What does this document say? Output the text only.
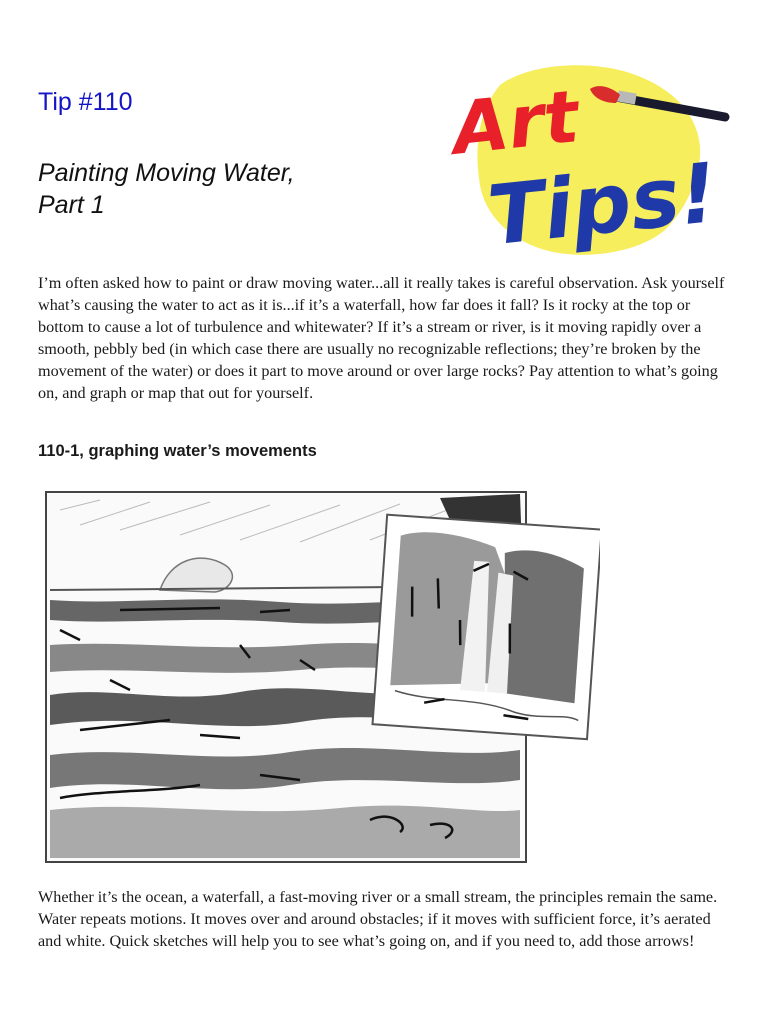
Tip #110
Painting Moving Water,
Part 1
Art
Tips!

I’m often asked how to paint or draw moving water...all it really takes is careful observation. Ask yourself what’s causing the water to act as it is...if it’s a waterfall, how far does it fall? Is it rocky at the top or bottom to cause a lot of turbulence and whitewater? If it’s a stream or river, is it moving rapidly over a smooth, pebbly bed (in which case there are usually no recognizable reflections; they’re broken by the movement of the water) or does it part to move around or over large rocks? Pay attention to what’s going on, and graph or map that out for yourself.

110-1, graphing water’s movements

Whether it’s the ocean, a waterfall, a fast-moving river or a small stream, the principles remain the same. Water repeats motions. It moves over and around obstacles; if it moves with sufficient force, it’s aerated and white. Quick sketches will help you to see what’s going on, and if you need to, add those arrows!
